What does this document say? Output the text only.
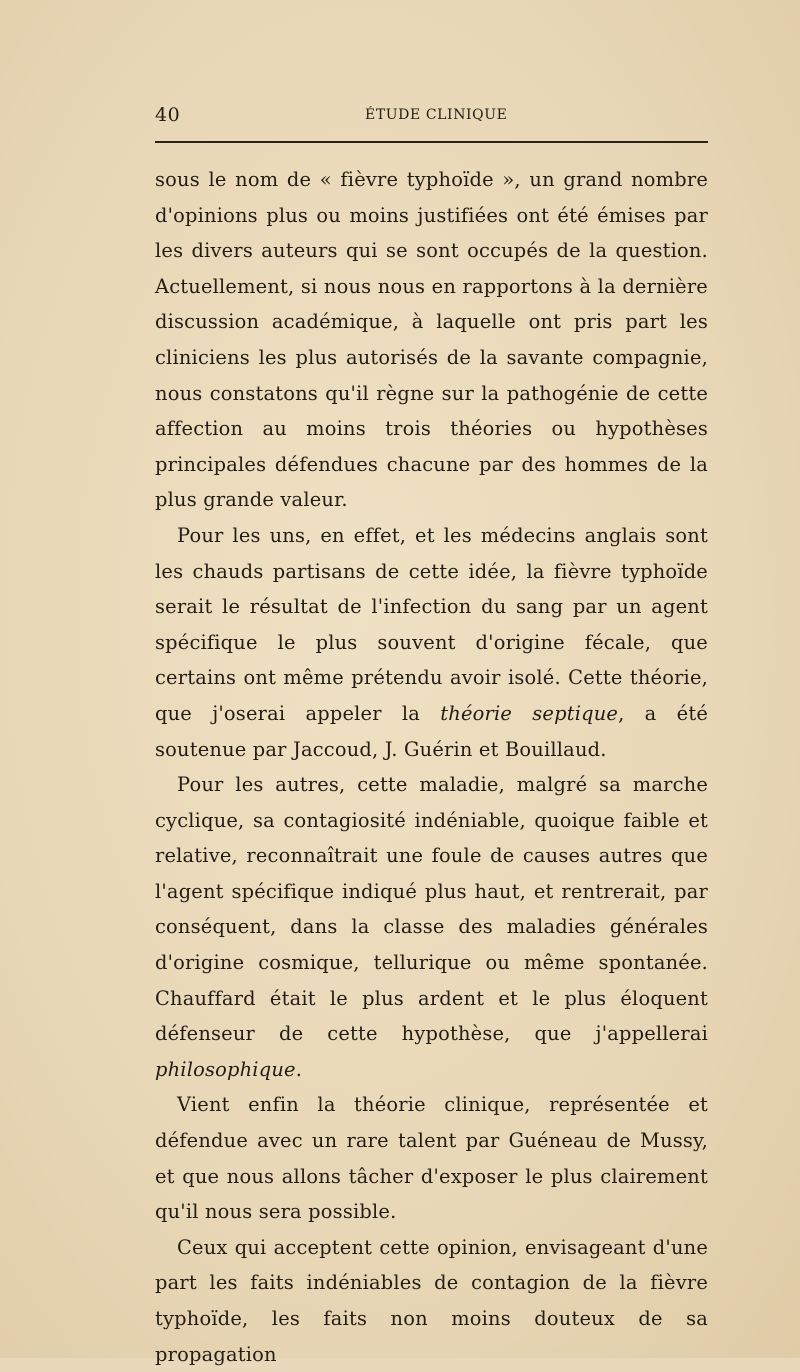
40	ÉTUDE CLINIQUE

sous le nom de « fièvre typhoïde », un grand nombre d'opinions plus ou moins justifiées ont été émises par les divers auteurs qui se sont occupés de la question. Actuellement, si nous nous en rapportons à la dernière discussion académique, à laquelle ont pris part les cliniciens les plus autorisés de la savante compagnie, nous constatons qu'il règne sur la pathogénie de cette affection au moins trois théories ou hypothèses principales défendues chacune par des hommes de la plus grande valeur.

Pour les uns, en effet, et les médecins anglais sont les chauds partisans de cette idée, la fièvre typhoïde serait le résultat de l'infection du sang par un agent spécifique le plus souvent d'origine fécale, que certains ont même prétendu avoir isolé. Cette théorie, que j'oserai appeler la théorie septique, a été soutenue par Jaccoud, J. Guérin et Bouillaud.

Pour les autres, cette maladie, malgré sa marche cyclique, sa contagiosité indéniable, quoique faible et relative, reconnaîtrait une foule de causes autres que l'agent spécifique indiqué plus haut, et rentrerait, par conséquent, dans la classe des maladies générales d'origine cosmique, tellurique ou même spontanée. Chauffard était le plus ardent et le plus éloquent défenseur de cette hypothèse, que j'appellerai philosophique.

Vient enfin la théorie clinique, représentée et défendue avec un rare talent par Guéneau de Mussy, et que nous allons tâcher d'exposer le plus clairement qu'il nous sera possible.

Ceux qui acceptent cette opinion, envisageant d'une part les faits indéniables de contagion de la fièvre typhoïde, les faits non moins douteux de sa propagation
